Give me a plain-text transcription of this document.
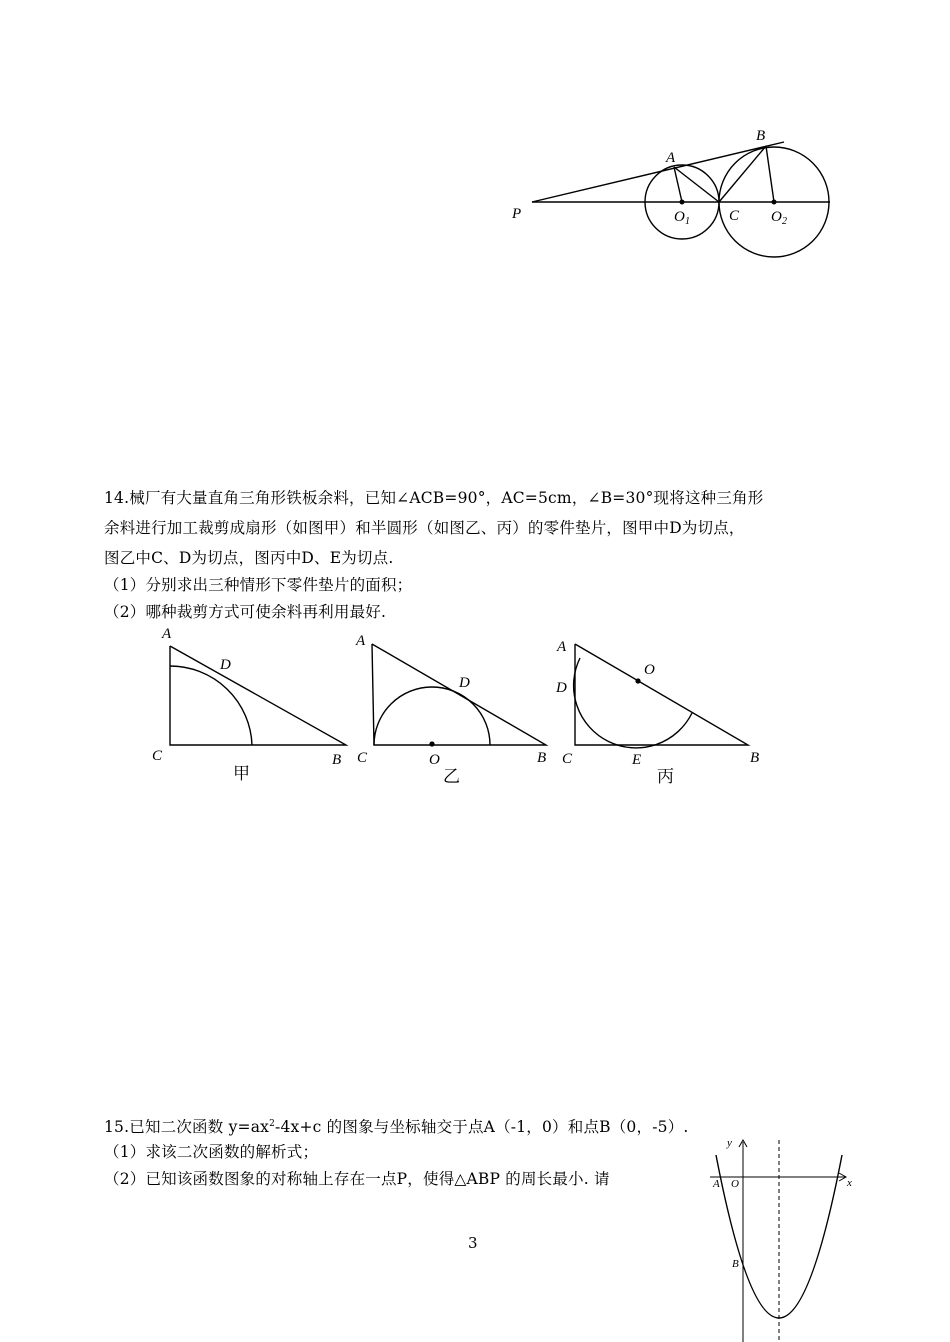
P
A
B
C
O 1	O 2
14.械厂有大量直角三角形铁板余料，已知∠ACB=90°，AC=5cm，∠B=30°现将这种三角形
余料进行加工裁剪成扇形（如图甲）和半圆形（如图乙、丙）的零件垫片，图甲中D为切点，
图乙中C、D为切点，图丙中D、E为切点.
（1）分别求出三种情形下零件垫片的面积；
（2）哪种裁剪方式可使余料再利用最好.
A
D
C	B
甲
A
D
C	O	B
乙
A
D
O
C	E	B
丙
15.已知二次函数 $y=ax^2-4x+c$ 的图象与坐标轴交于点A（-1，0）和点B（0，-5）.
（1）求该二次函数的解析式；
（2）已知该函数图象的对称轴上存在一点P，使得△ABP 的周长最小. 请
y
x
A O
B
3
